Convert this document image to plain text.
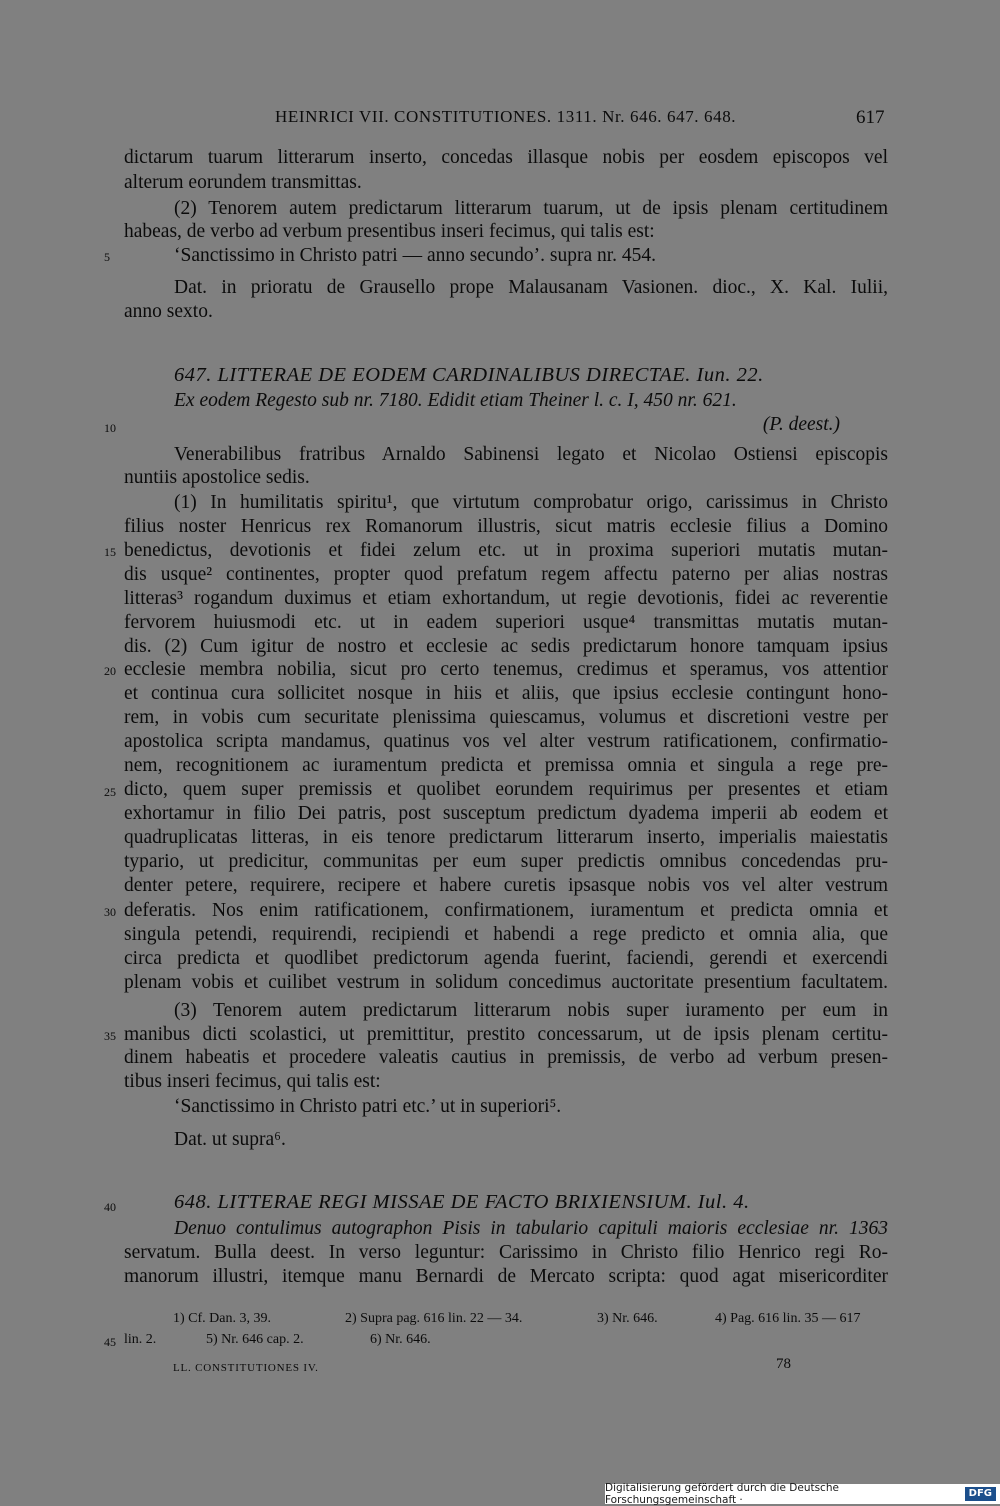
HEINRICI VII. CONSTITUTIONES. 1311. Nr. 646. 647. 648.	617
dictarum tuarum litterarum inserto, concedas illasque nobis per eosdem episcopos vel
alterum eorundem transmittas.
(2) Tenorem autem predictarum litterarum tuarum, ut de ipsis plenam certitudinem
habeas, de verbo ad verbum presentibus inseri fecimus, qui talis est:
‘Sanctissimo in Christo patri — anno secundo’. supra nr. 454.
Dat. in prioratu de Grausello prope Malausanam Vasionen. dioc., X. Kal. Iulii,
anno sexto.
647. LITTERAE DE EODEM CARDINALIBUS DIRECTAE. Iun. 22.
Ex eodem Regesto sub nr. 7180. Edidit etiam Theiner l. c. I, 450 nr. 621.
(P. deest.)
Venerabilibus fratribus Arnaldo Sabinensi legato et Nicolao Ostiensi episcopis
nuntiis apostolice sedis.
(1) In humilitatis spiritu¹, que virtutum comprobatur origo, carissimus in Christo
filius noster Henricus rex Romanorum illustris, sicut matris ecclesie filius a Domino
benedictus, devotionis et fidei zelum etc. ut in proxima superiori mutatis mutan-
dis usque² continentes, propter quod prefatum regem affectu paterno per alias nostras
litteras³ rogandum duximus et etiam exhortandum, ut regie devotionis, fidei ac reverentie
fervorem huiusmodi etc. ut in eadem superiori usque⁴ transmittas mutatis mutan-
dis. (2) Cum igitur de nostro et ecclesie ac sedis predictarum honore tamquam ipsius
ecclesie membra nobilia, sicut pro certo tenemus, credimus et speramus, vos attentior
et continua cura sollicitet nosque in hiis et aliis, que ipsius ecclesie contingunt hono-
rem, in vobis cum securitate plenissima quiescamus, volumus et discretioni vestre per
apostolica scripta mandamus, quatinus vos vel alter vestrum ratificationem, confirmatio-
nem, recognitionem ac iuramentum predicta et premissa omnia et singula a rege pre-
dicto, quem super premissis et quolibet eorundem requirimus per presentes et etiam
exhortamur in filio Dei patris, post susceptum predictum dyadema imperii ab eodem et
quadruplicatas litteras, in eis tenore predictarum litterarum inserto, imperialis maiestatis
typario, ut predicitur, communitas per eum super predictis omnibus concedendas pru-
denter petere, requirere, recipere et habere curetis ipsasque nobis vos vel alter vestrum
deferatis. Nos enim ratificationem, confirmationem, iuramentum et predicta omnia et
singula petendi, requirendi, recipiendi et habendi a rege predicto et omnia alia, que
circa predicta et quodlibet predictorum agenda fuerint, faciendi, gerendi et exercendi
plenam vobis et cuilibet vestrum in solidum concedimus auctoritate presentium facultatem.
(3) Tenorem autem predictarum litterarum nobis super iuramento per eum in
manibus dicti scolastici, ut premittitur, prestito concessarum, ut de ipsis plenam certitu-
dinem habeatis et procedere valeatis cautius in premissis, de verbo ad verbum presen-
tibus inseri fecimus, qui talis est:
‘Sanctissimo in Christo patri etc.’ ut in superiori⁵.
Dat. ut supra⁶.
648. LITTERAE REGI MISSAE DE FACTO BRIXIENSIUM. Iul. 4.
Denuo contulimus autographon Pisis in tabulario capituli maioris ecclesiae nr. 1363
servatum. Bulla deest. In verso leguntur: Carissimo in Christo filio Henrico regi Ro-
manorum illustri, itemque manu Bernardi de Mercato scripta: quod agat misericorditer
5
10
15
20
25
30
35
40
45
1) Cf. Dan. 3, 39.	2) Supra pag. 616 lin. 22 — 34.	3) Nr. 646.	4) Pag. 616 lin. 35 — 617
lin. 2.	5) Nr. 646 cap. 2.	6) Nr. 646.
LL. CONSTITUTIONES IV.	78
Digitalisierung gefördert durch die Deutsche Forschungsgemeinschaft ·
DFG
